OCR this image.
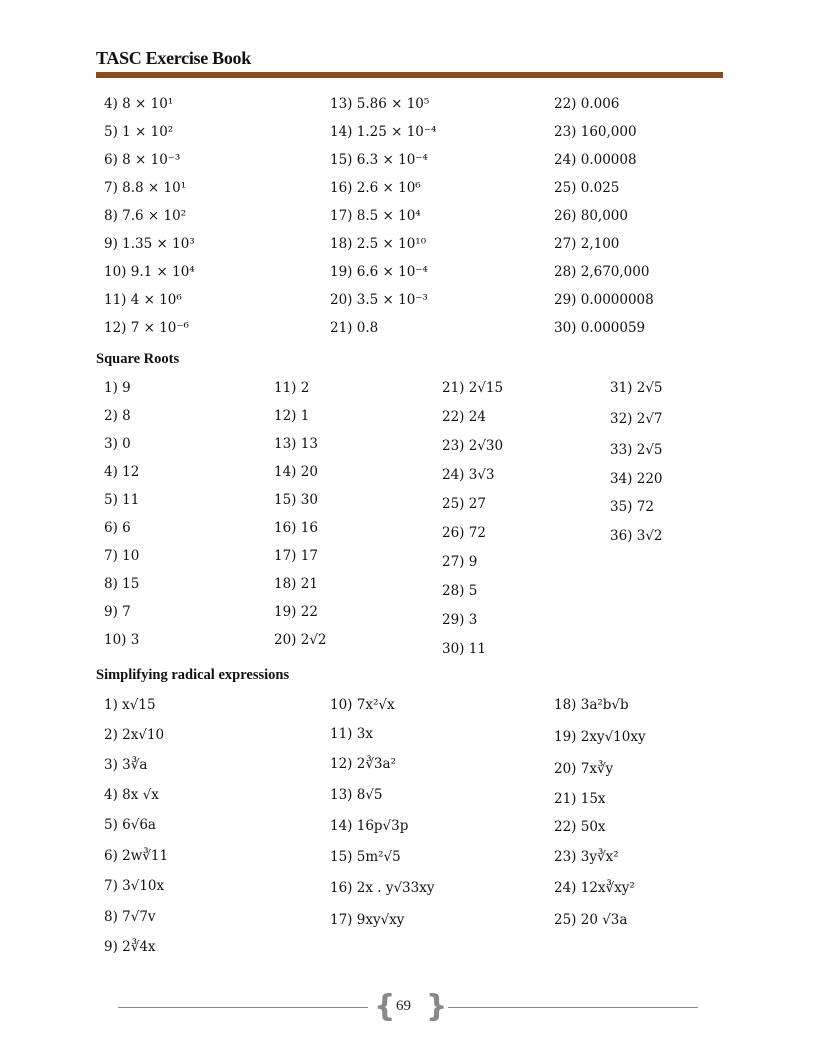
TASC Exercise Book
4) 8 × 10¹
5) 1 × 10²
6) 8 × 10⁻³
7) 8.8 × 10¹
8) 7.6 × 10²
9) 1.35 × 10³
10) 9.1 × 10⁴
11) 4 × 10⁶
12) 7 × 10⁻⁶
13) 5.86 × 10⁵
14) 1.25 × 10⁻⁴
15) 6.3 × 10⁻⁴
16) 2.6 × 10⁶
17) 8.5 × 10⁴
18) 2.5 × 10¹⁰
19) 6.6 × 10⁻⁴
20) 3.5 × 10⁻³
21) 0.8
22) 0.006
23) 160,000
24) 0.00008
25) 0.025
26) 80,000
27) 2,100
28) 2,670,000
29) 0.0000008
30) 0.000059
Square Roots
1) 9
2) 8
3) 0
4) 12
5) 11
6) 6
7) 10
8) 15
9) 7
10) 3
11) 2
12) 1
13) 13
14) 20
15) 30
16) 16
17) 17
18) 21
19) 22
20) 2√2
21) 2√15
22) 24
23) 2√30
24) 3√3
25) 27
26) 72
27) 9
28) 5
29) 3
30) 11
31) 2√5
32) 2√7
33) 2√5
34) 220
35) 72
36) 3√2
Simplifying radical expressions
1) x√15
2) 2x√10
3) 3∛a
4) 8x √x
5) 6√6a
6) 2w∛11
7) 3√10x
8) 7√7v
9) 2∛4x
10) 7x²√x
11) 3x
12) 2∛3a²
13) 8√5
14) 16p√3p
15) 5m²√5
16) 2x . y√33xy
17) 9xy√xy
18) 3a²b√b
19) 2xy√10xy
20) 7x∛y
21) 15x
22) 50x
23) 3y∛x²
24) 12x∛xy²
25) 20 √3a
{ }
69
